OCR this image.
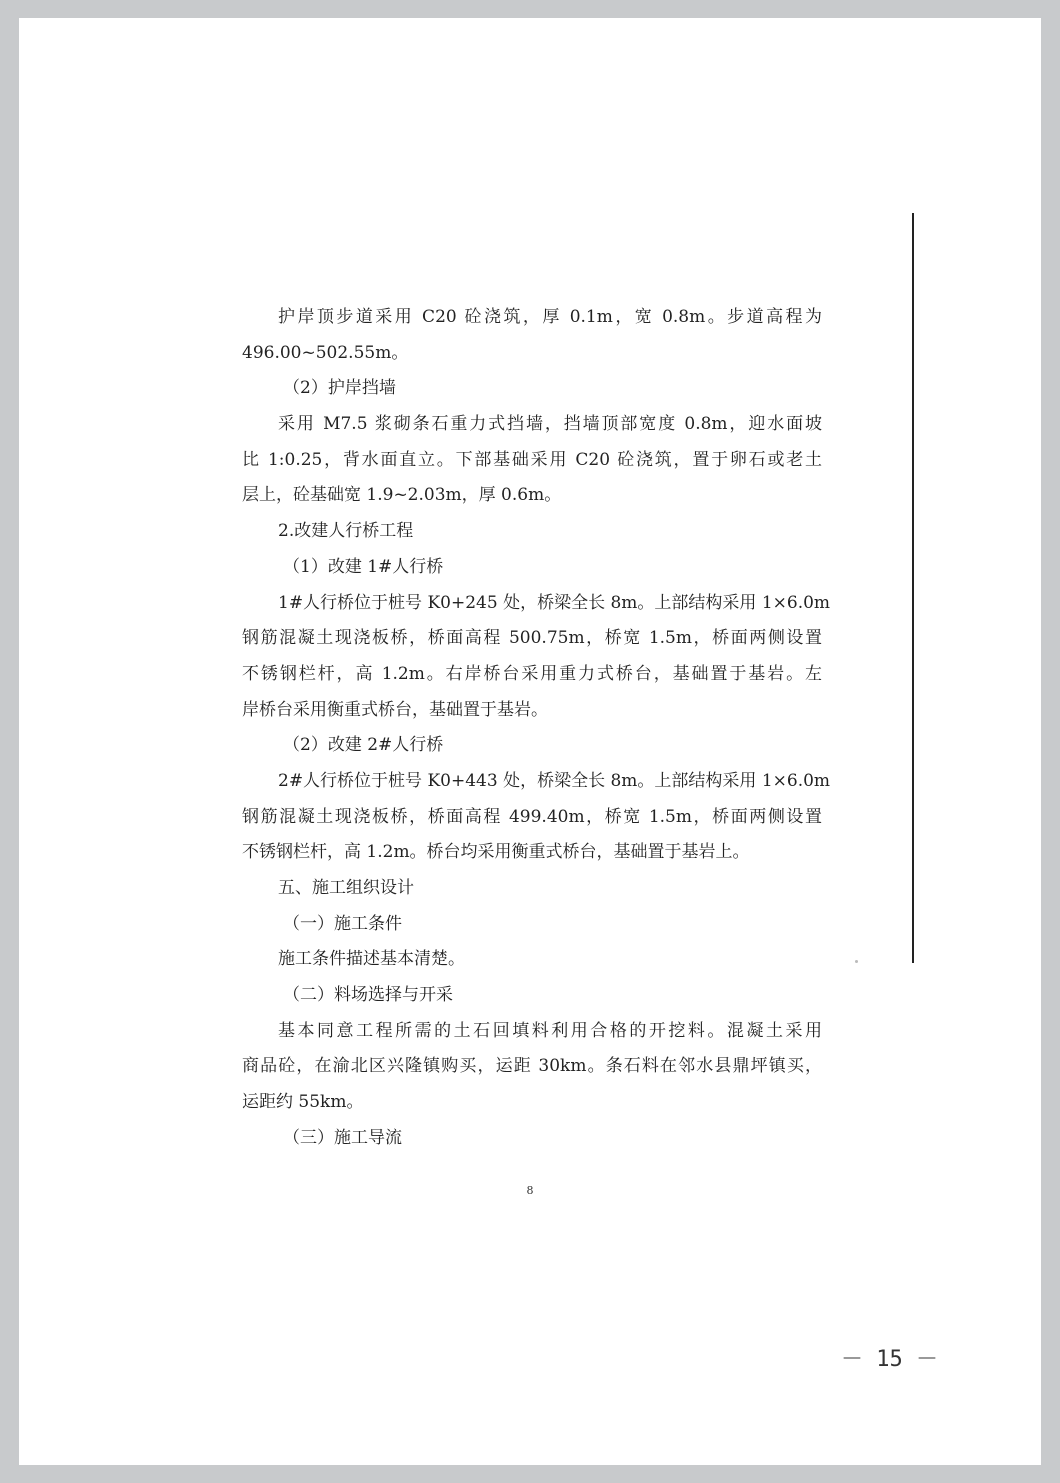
护岸顶步道采用 C20 砼浇筑，厚 0.1m，宽 0.8m。步道高程为
496.00~502.55m。
（2）护岸挡墙
采用 M7.5 浆砌条石重力式挡墙，挡墙顶部宽度 0.8m，迎水面坡
比 1:0.25，背水面直立。下部基础采用 C20 砼浇筑，置于卵石或老土
层上，砼基础宽 1.9~2.03m，厚 0.6m。
2.改建人行桥工程
（1）改建 1#人行桥
1#人行桥位于桩号 K0+245 处，桥梁全长 8m。上部结构采用 1×6.0m
钢筋混凝土现浇板桥，桥面高程 500.75m，桥宽 1.5m，桥面两侧设置
不锈钢栏杆，高 1.2m。右岸桥台采用重力式桥台，基础置于基岩。左
岸桥台采用衡重式桥台，基础置于基岩。
（2）改建 2#人行桥
2#人行桥位于桩号 K0+443 处，桥梁全长 8m。上部结构采用 1×6.0m
钢筋混凝土现浇板桥，桥面高程 499.40m，桥宽 1.5m，桥面两侧设置
不锈钢栏杆，高 1.2m。桥台均采用衡重式桥台，基础置于基岩上。
五、施工组织设计
（一）施工条件
施工条件描述基本清楚。
（二）料场选择与开采
基本同意工程所需的土石回填料利用合格的开挖料。混凝土采用
商品砼，在渝北区兴隆镇购买，运距 30km。条石料在邻水县鼎坪镇买，
运距约 55km。
（三）施工导流
8
－ 15 －
